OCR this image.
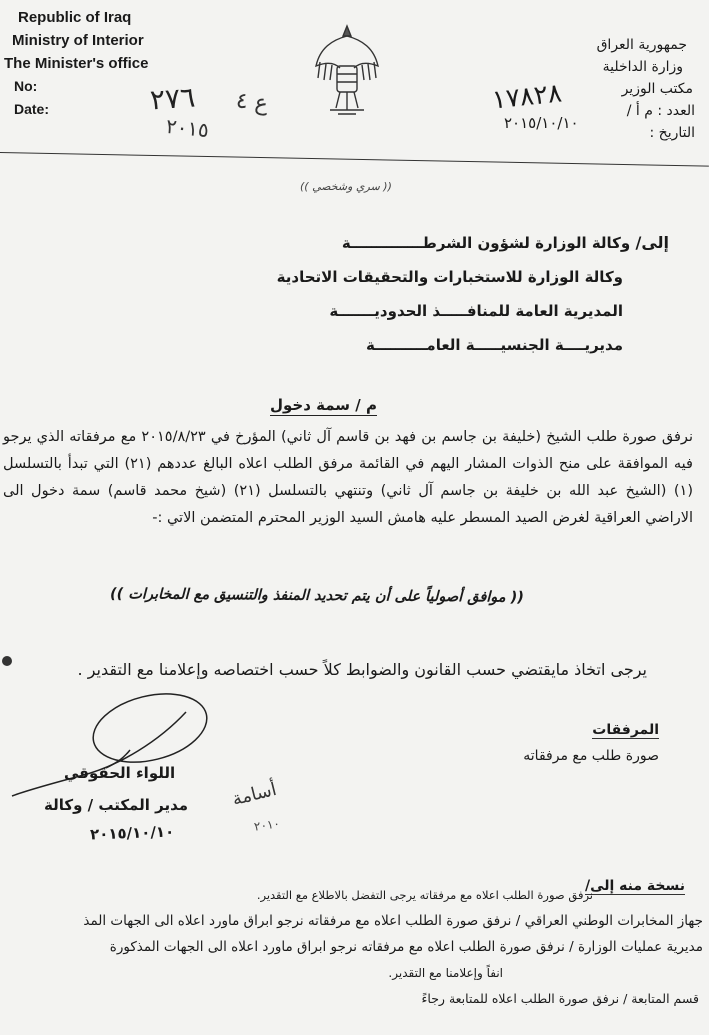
Republic of Iraq
Ministry of Interior
The Minister's office
No:
Date:	٢٧٦ ع ٤
٢٠١٥
جمهورية العراق
وزارة الداخلية
مكتب الوزير
العدد : م أ /
التاريخ :
١٧٨٢٨
٢٠١٥/١٠/١٠
(( سري وشخصي ))
إلى/ وكالة الوزارة لشؤون الشرطــــــــــــــة
وكالة الوزارة للاستخبارات والتحقيقات الاتحادية
المديرية العامة للمنافـــــذ الحدوديـــــــة
مديريــــة الجنسيـــــة العامــــــــــة
م / سمة دخول
نرفق صورة طلب الشيخ (خليفة بن جاسم بن فهد بن قاسم آل ثاني) المؤرخ في ٢٠١٥/٨/٢٣ مع مرفقاته الذي يرجو فيه الموافقة على منح الذوات المشار اليهم في القائمة مرفق الطلب اعلاه البالغ عددهم (٢١) التي تبدأ بالتسلسل (١) (الشيخ عبد الله بن خليفة بن جاسم آل ثاني) وتنتهي بالتسلسل (٢١) (شيخ محمد قاسم) سمة دخول الى الاراضي العراقية لغرض الصيد المسطر عليه هامش السيد الوزير المحترم المتضمن الاتي :-
(( موافق أصولياً على أن يتم تحديد المنفذ والتنسيق مع المخابرات ))
يرجى اتخاذ مايقتضي حسب القانون والضوابط كلاً حسب اختصاصه وإعلامنا مع التقدير .
المرفقات
صورة طلب مع مرفقاته
اللواء الحقوقي
مدير المكتب / وكالة
٢٠١٥/١٠/١٠
أسامة
٢٠١٠
نسخة منه إلى/
نرفق صورة الطلب اعلاه مع مرفقاته يرجى التفضل بالاطلاع مع التقدير.
جهاز المخابرات الوطني العراقي / نرفق صورة الطلب اعلاه مع مرفقاته نرجو ابراق ماورد اعلاه الى الجهات المذ
مديرية عمليات الوزارة / نرفق صورة الطلب اعلاه مع مرفقاته نرجو ابراق ماورد اعلاه الى الجهات المذكورة
انفاً وإعلامنا مع التقدير.
قسم المتابعة / نرفق صورة الطلب اعلاه للمتابعة رجاءً
